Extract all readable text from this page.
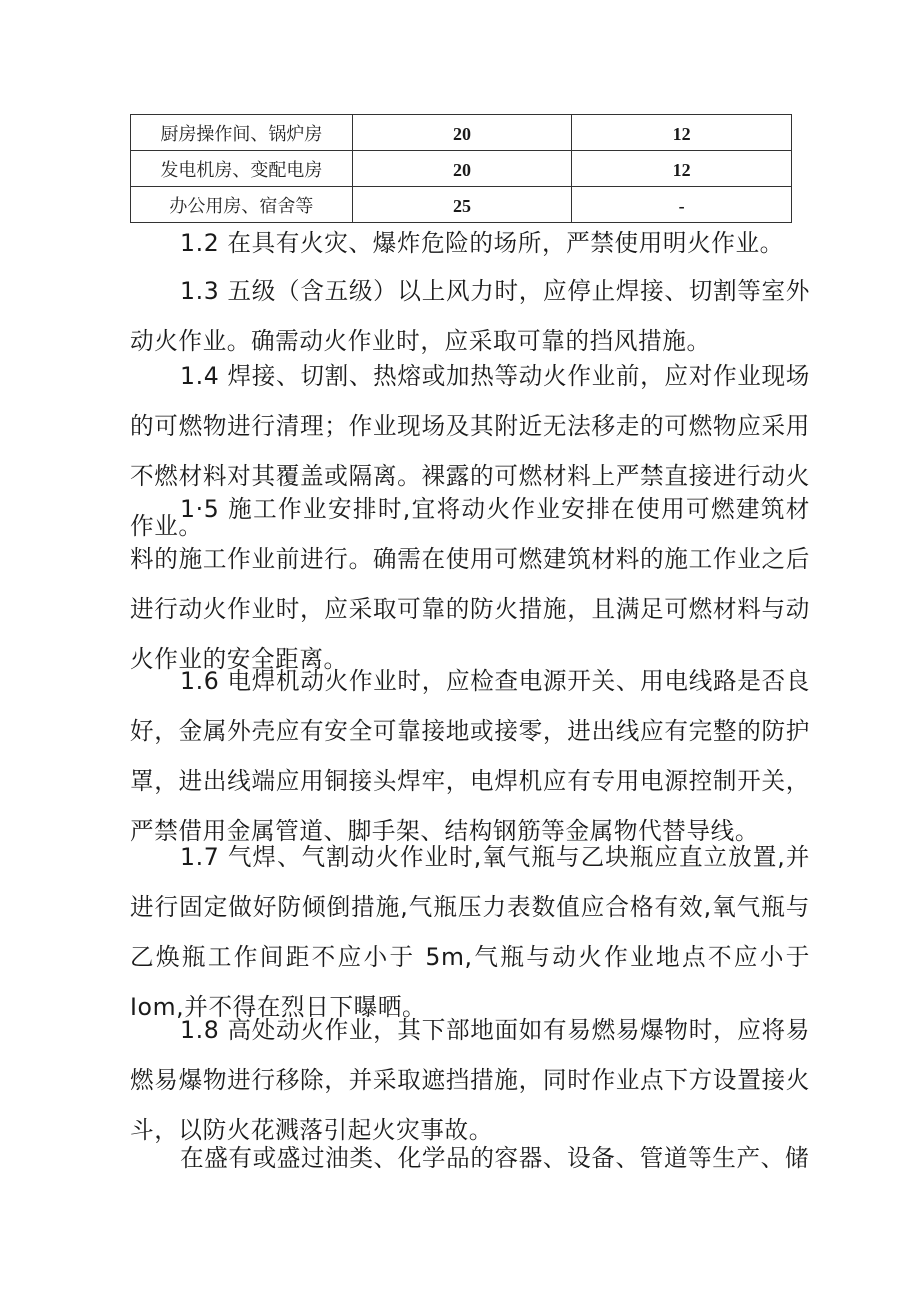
厨房操作间、锅炉房	20	12
发电机房、变配电房	20	12
办公用房、宿舍等	25	-

1.2 在具有火灾、爆炸危险的场所，严禁使用明火作业。

1.3 五级（含五级）以上风力时，应停止焊接、切割等室外动火作业。确需动火作业时，应采取可靠的挡风措施。

1.4 焊接、切割、热熔或加热等动火作业前，应对作业现场的可燃物进行清理；作业现场及其附近无法移走的可燃物应采用不燃材料对其覆盖或隔离。裸露的可燃材料上严禁直接进行动火作业。

1·5 施工作业安排时,宜将动火作业安排在使用可燃建筑材料的施工作业前进行。确需在使用可燃建筑材料的施工作业之后进行动火作业时，应采取可靠的防火措施，且满足可燃材料与动火作业的安全距离。

1.6 电焊机动火作业时，应检查电源开关、用电线路是否良好，金属外壳应有安全可靠接地或接零，进出线应有完整的防护罩，进出线端应用铜接头焊牢，电焊机应有专用电源控制开关，严禁借用金属管道、脚手架、结构钢筋等金属物代替导线。

1.7 气焊、气割动火作业时,氧气瓶与乙块瓶应直立放置,并进行固定做好防倾倒措施,气瓶压力表数值应合格有效,氧气瓶与乙焕瓶工作间距不应小于 5m,气瓶与动火作业地点不应小于 Iom,并不得在烈日下曝晒。

1.8 高处动火作业，其下部地面如有易燃易爆物时，应将易燃易爆物进行移除，并采取遮挡措施，同时作业点下方设置接火斗，以防火花溅落引起火灾事故。

在盛有或盛过油类、化学品的容器、设备、管道等生产、储
